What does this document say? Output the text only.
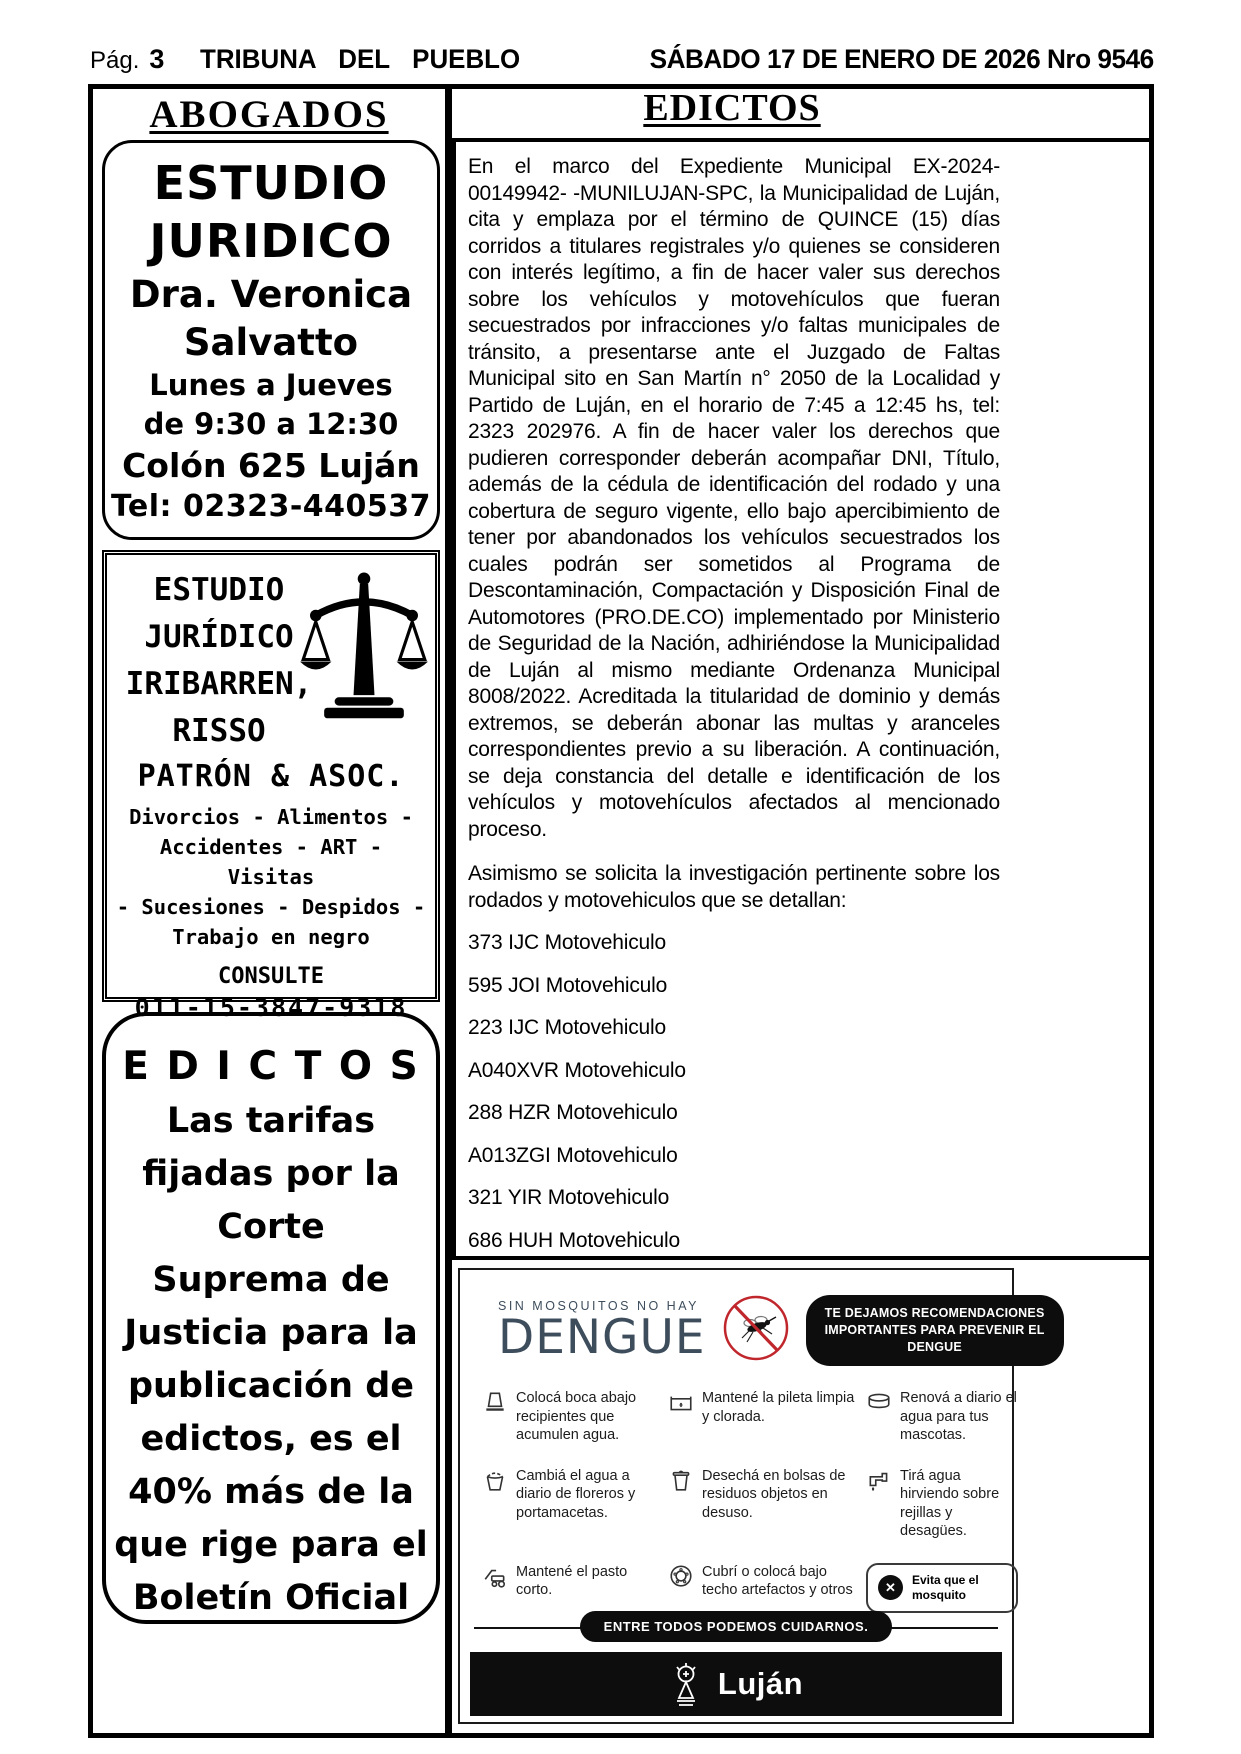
Pág. 3 TRIBUNA DEL PUEBLO	SÁBADO 17 DE ENERO DE 2026 Nro 9546
ABOGADOS
ESTUDIO
JURIDICO
Dra. Veronica
Salvatto
Lunes a Jueves
de 9:30 a 12:30
Colón 625 Luján
Tel: 02323-440537
ESTUDIO
JURÍDICO
IRIBARREN,
RISSO
PATRÓN & ASOC.
Divorcios - Alimentos -
Accidentes - ART - Visitas
- Sucesiones - Despidos -
Trabajo en negro
CONSULTE
011-15-3847-9318
E D I C T O S
Las tarifas
fijadas por la
Corte
Suprema de
Justicia para la
publicación de
edictos, es el
40% más de la
que rige para el
Boletín Oficial
EDICTOS

En el marco del Expediente Municipal EX-2024-00149942- -MUNILUJAN-SPC, la Municipalidad de Luján, cita y emplaza por el término de QUINCE (15) días corridos a titulares registrales y/o quienes se consideren con interés legítimo, a fin de hacer valer sus derechos sobre los vehículos y motovehículos que fueran secuestrados por infracciones y/o faltas municipales de tránsito, a presentarse ante el Juzgado de Faltas Municipal sito en San Martín n° 2050 de la Localidad y Partido de Luján, en el horario de 7:45 a 12:45 hs, tel: 2323 202976. A fin de hacer valer los derechos que pudieren corresponder deberán acompañar DNI, Título, además de la cédula de identificación del rodado y una cobertura de seguro vigente, ello bajo apercibimiento de tener por abandonados los vehículos secuestrados los cuales podrán ser sometidos al Programa de Descontaminación, Compactación y Disposición Final de Automotores (PRO.DE.CO) implementado por Ministerio de Seguridad de la Nación, adhiriéndose la Municipalidad de Luján al mismo mediante Ordenanza Municipal 8008/2022. Acreditada la titularidad de dominio y demás extremos, se deberán abonar las multas y aranceles correspondientes previo a su liberación. A continuación, se deja constancia del detalle e identificación de los vehículos y motovehículos afectados al mencionado proceso.

Asimismo se solicita la investigación pertinente sobre los rodados y motovehiculos que se detallan:

373 IJC Motovehiculo

595 JOI Motovehiculo

223 IJC Motovehiculo

A040XVR Motovehiculo

288 HZR Motovehiculo

A013ZGI Motovehiculo

321 YIR Motovehiculo

686 HUH Motovehiculo

SIN MOSQUITOS NO HAY
DENGUE	TE DEJAMOS RECOMENDACIONES
IMPORTANTES PARA PREVENIR EL DENGUE
Colocá boca abajo recipientes que acumulen agua.
Mantené la pileta limpia y clorada.
Renová a diario el agua para tus mascotas.
Cambiá el agua a diario de floreros y portamacetas.
Desechá en bolsas de residuos objetos en desuso.
Tirá agua hirviendo sobre rejillas y desagües.
Mantené el pasto corto.
Cubrí o colocá bajo techo artefactos y otros	✕	Evita que el mosquito
ENTRE TODOS PODEMOS CUIDARNOS.
Luján
